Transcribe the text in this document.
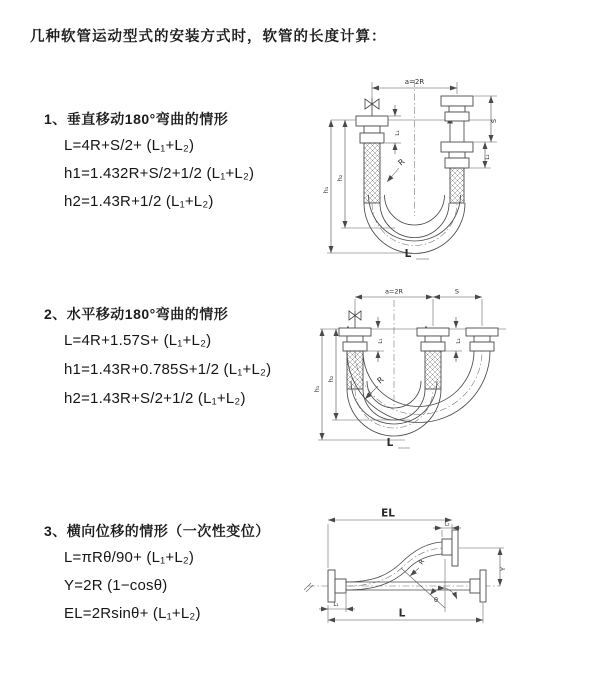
几种软管运动型式的安装方式时，软管的长度计算：
1、垂直移动180°弯曲的情形
L=4R+S/2+ (L₁+L₂)
h1=1.432R+S/2+1/2 (L₁+L₂)
h2=1.43R+1/2 (L₁+L₂)
2、水平移动180°弯曲的情形
L=4R+1.57S+ (L₁+L₂)
h1=1.43R+0.785S+1/2 (L₁+L₂)
h2=1.43R+S/2+1/2 (L₁+L₂)
3、横向位移的情形（一次性变位）
L=πRθ/90+ (L₁+L₂)
Y=2R (1−cosθ)
EL=2Rsinθ+ (L₁+L₂)
a=2R
L₁
S
L₂
h₁
h₂
R
L
a=2R	S
L₁	L₂
h₁
h₂	R
L
EL
L₂
Y
L
L₁
R
θ
